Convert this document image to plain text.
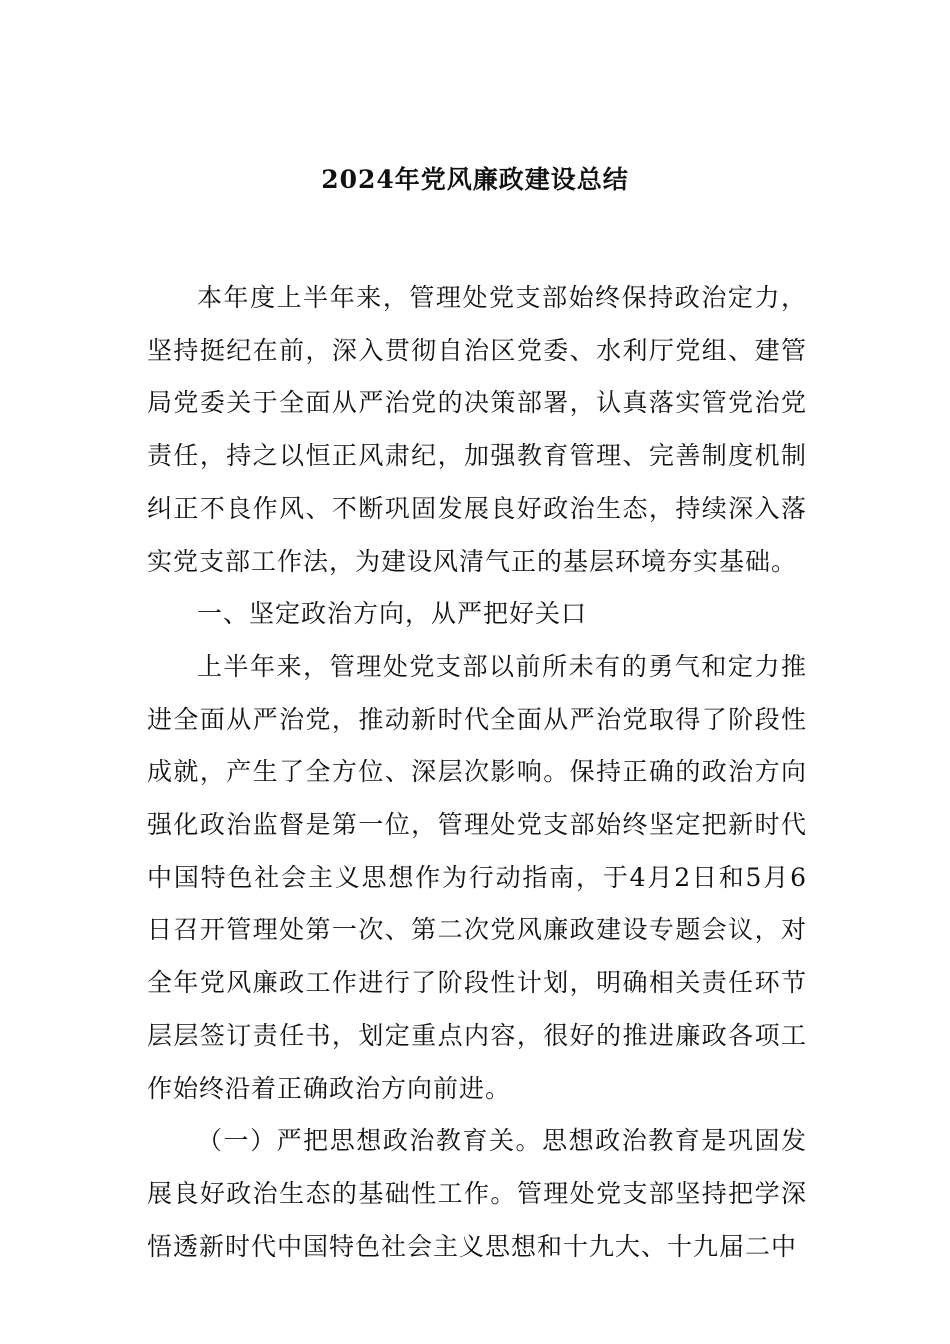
2024年党风廉政建设总结

本年度上半年来，管理处党支部始终保持政治定力，坚持挺纪在前，深入贯彻自治区党委、水利厅党组、建管局党委关于全面从严治党的决策部署，认真落实管党治党责任，持之以恒正风肃纪，加强教育管理、完善制度机制纠正不良作风、不断巩固发展良好政治生态，持续深入落实党支部工作法，为建设风清气正的基层环境夯实基础。

一、坚定政治方向，从严把好关口

上半年来，管理处党支部以前所未有的勇气和定力推进全面从严治党，推动新时代全面从严治党取得了阶段性成就，产生了全方位、深层次影响。保持正确的政治方向强化政治监督是第一位，管理处党支部始终坚定把新时代中国特色社会主义思想作为行动指南，于4月2日和5月6日召开管理处第一次、第二次党风廉政建设专题会议，对全年党风廉政工作进行了阶段性计划，明确相关责任环节层层签订责任书，划定重点内容，很好的推进廉政各项工作始终沿着正确政治方向前进。

（一）严把思想政治教育关。思想政治教育是巩固发展良好政治生态的基础性工作。管理处党支部坚持把学深悟透新时代中国特色社会主义思想和十九大、十九届二中
